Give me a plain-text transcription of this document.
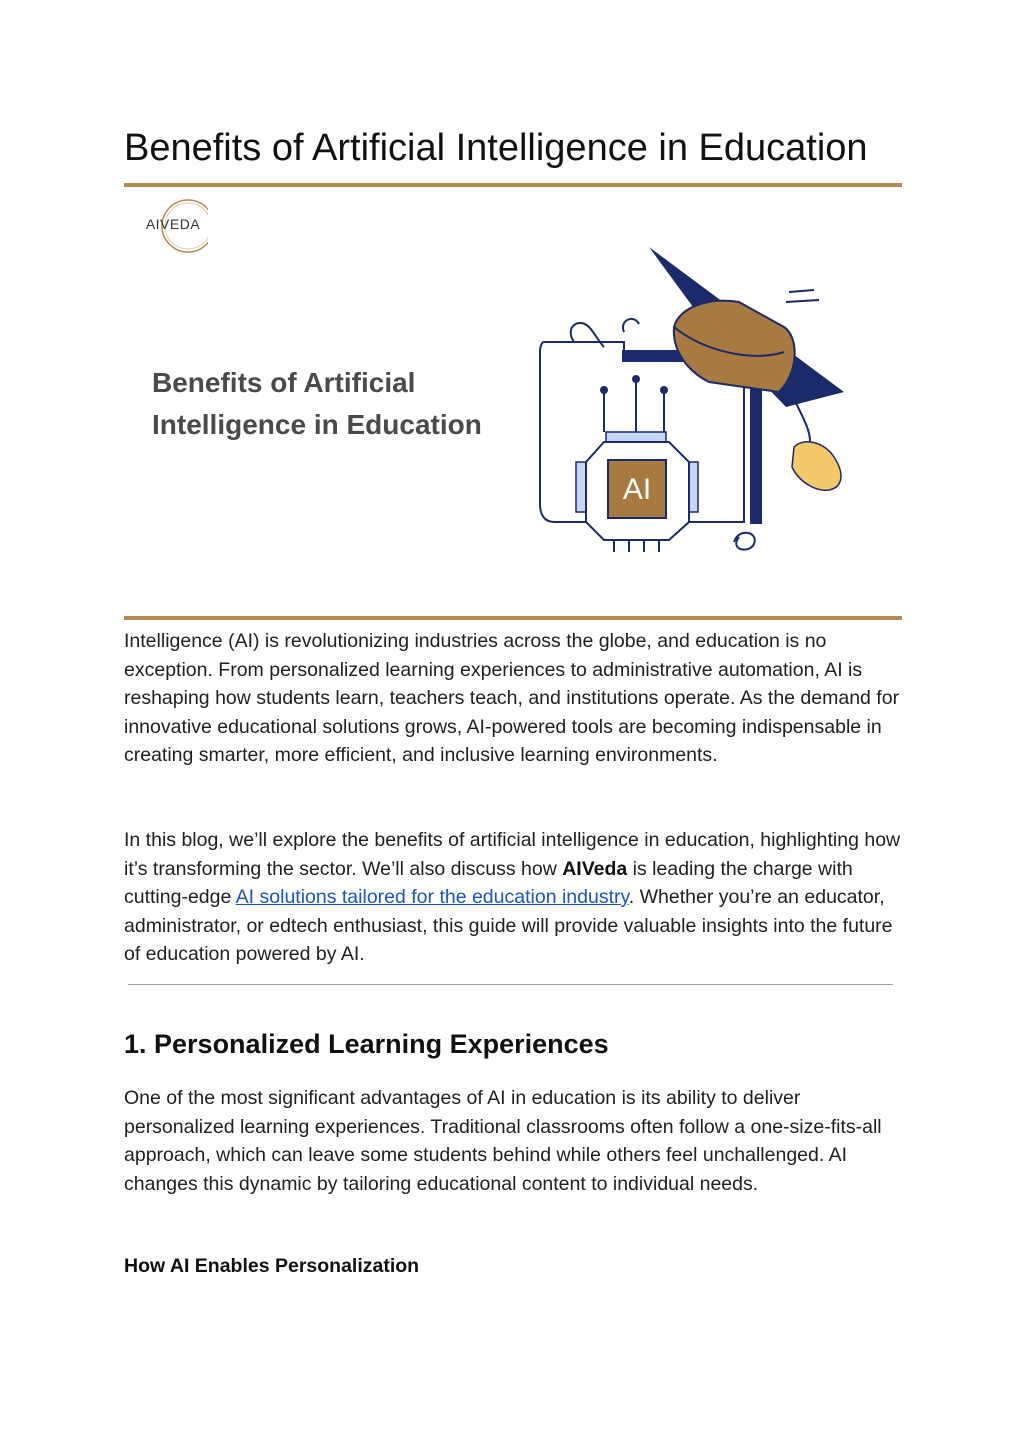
Benefits of Artificial Intelligence in Education
AIVEDA
Benefits of Artificial
Intelligence in Education
AI

Intelligence (AI) is revolutionizing industries across the globe, and education is no exception. From personalized learning experiences to administrative automation, AI is reshaping how students learn, teachers teach, and institutions operate. As the demand for innovative educational solutions grows, AI-powered tools are becoming indispensable in creating smarter, more efficient, and inclusive learning environments.

In this blog, we’ll explore the benefits of artificial intelligence in education, highlighting how it’s transforming the sector. We’ll also discuss how AIVeda is leading the charge with cutting-edge AI solutions tailored for the education industry. Whether you’re an educator, administrator, or edtech enthusiast, this guide will provide valuable insights into the future of education powered by AI.

1. Personalized Learning Experiences

One of the most significant advantages of AI in education is its ability to deliver personalized learning experiences. Traditional classrooms often follow a one-size-fits-all approach, which can leave some students behind while others feel unchallenged. AI changes this dynamic by tailoring educational content to individual needs.

How AI Enables Personalization
